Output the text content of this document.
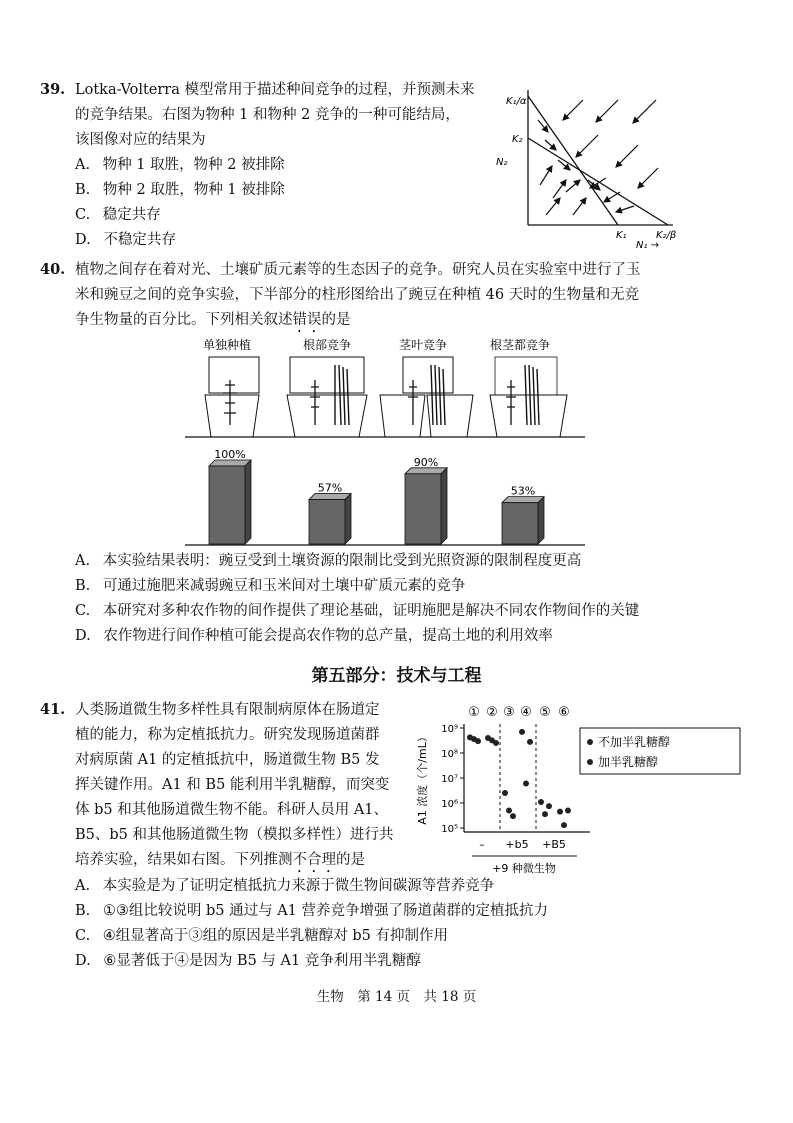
39. Lotka-Volterra 模型常用于描述种间竞争的过程，并预测未来
的竞争结果。右图为物种 1 和物种 2 竞争的一种可能结局，
该图像对应的结果为
A. 物种 1 取胜，物种 2 被排除
B. 物种 2 取胜，物种 1 被排除
C. 稳定共存
D. 不稳定共存
K₁/α
K₂
N₂
K₁	K₂/β
N₁ →
40. 植物之间存在着对光、土壤矿质元素等的生态因子的竞争。研究人员在实验室中进行了玉
米和豌豆之间的竞争实验，下半部分的柱形图给出了豌豆在种植 46 天时的生物量和无竞
争生物量的百分比。下列相关叙述错误的是
单独种植	根部竞争	茎叶竞争	根茎都竞争
100%
57%
90%
53%
A. 本实验结果表明：豌豆受到土壤资源的限制比受到光照资源的限制程度更高
B. 可通过施肥来减弱豌豆和玉米间对土壤中矿质元素的竞争
C. 本研究对多种农作物的间作提供了理论基础，证明施肥是解决不同农作物间作的关键
D. 农作物进行间作种植可能会提高农作物的总产量，提高土地的利用效率
第五部分：技术与工程
41. 人类肠道微生物多样性具有限制病原体在肠道定
植的能力，称为定植抵抗力。研究发现肠道菌群
对病原菌 A1 的定植抵抗中，肠道微生物 B5 发
挥关键作用。A1 和 B5 能利用半乳糖醇，而突变
体 b5 和其他肠道微生物不能。科研人员用 A1、
B5、b5 和其他肠道微生物（模拟多样性）进行共
培养实验，结果如右图。下列推测不合理的是
10⁵
10⁶
10⁷
10⁸
10⁹
A1 浓度（个/mL）
① ② ③ ④ ⑤ ⑥
– +b5 +B5
+9 种微生物
不加半乳糖醇
加半乳糖醇
A. 本实验是为了证明定植抵抗力来源于微生物间碳源等营养竞争
B. ①③组比较说明 b5 通过与 A1 营养竞争增强了肠道菌群的定植抵抗力
C. ④组显著高于③组的原因是半乳糖醇对 b5 有抑制作用
D. ⑥显著低于④是因为 B5 与 A1 竞争利用半乳糖醇
生物　第 14 页　共 18 页
